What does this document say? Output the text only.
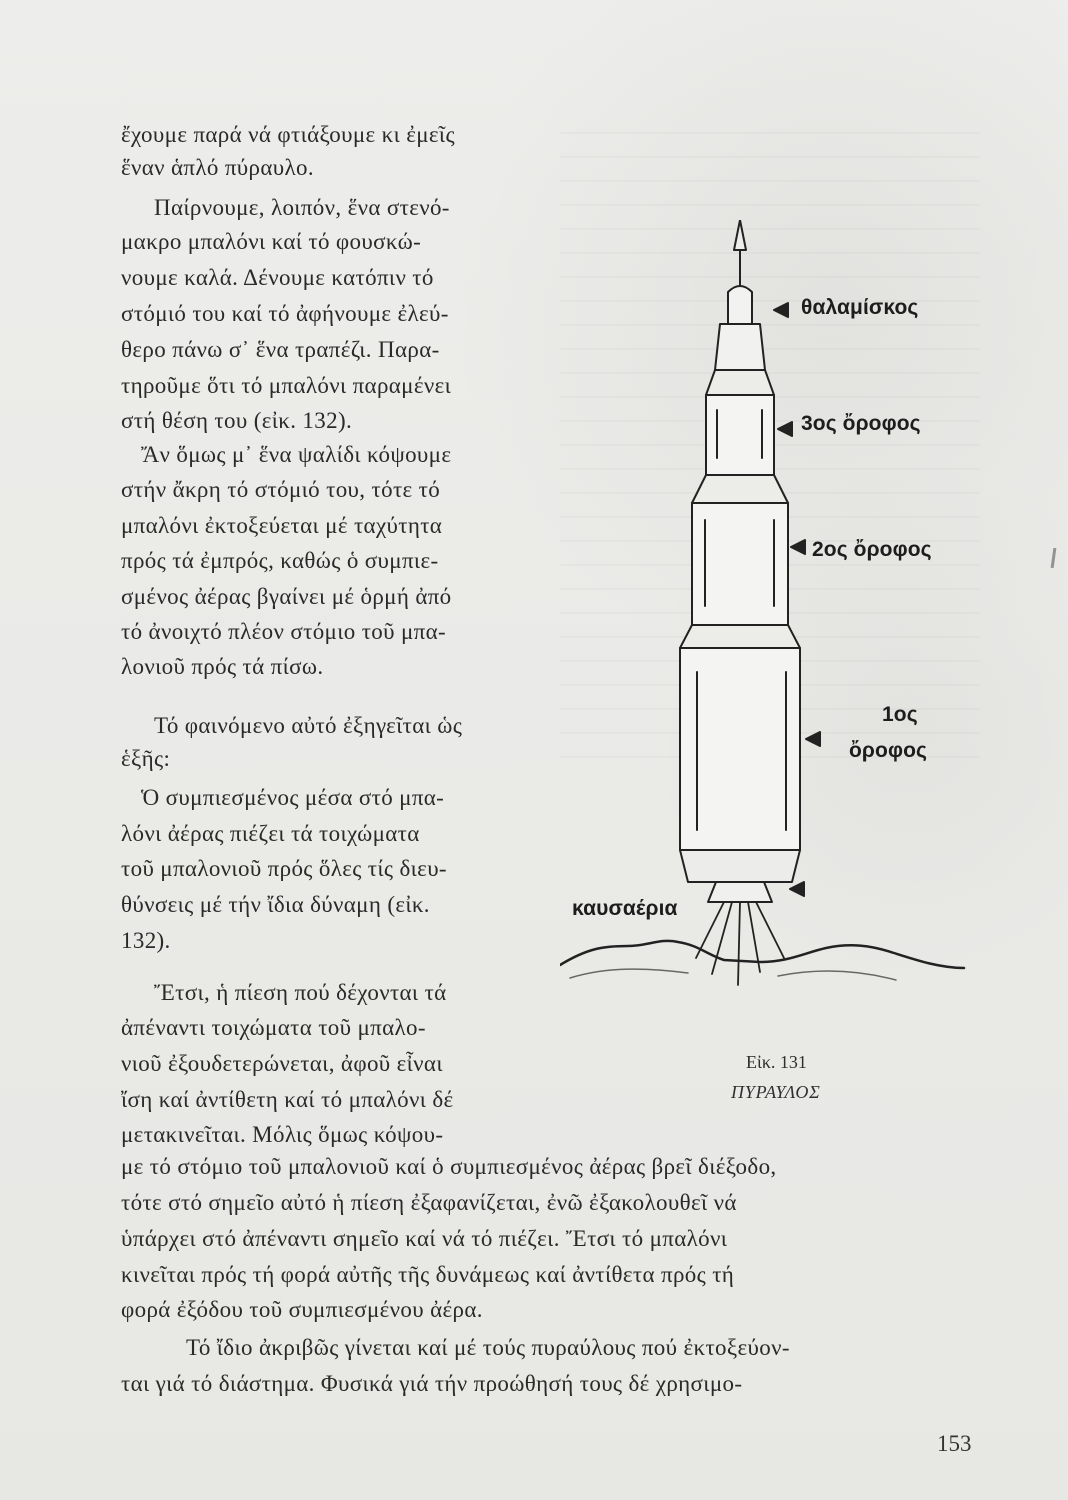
ἔχουμε παρά νά φτιάξουμε κι ἐμεῖς

ἕναν ἁπλό πύραυλο.

Παίρνουμε, λοιπόν, ἕνα στενό-

μακρο μπαλόνι καί τό φουσκώ-

νουμε καλά. Δένουμε κατόπιν τό

στόμιό του καί τό ἀφήνουμε ἐλεύ-

θερο πάνω σ᾽ ἕνα τραπέζι. Παρα-

τηροῦμε ὅτι τό μπαλόνι παραμένει

στή θέση του (εἰκ. 132).

Ἄν ὅμως μ᾽ ἕνα ψαλίδι κόψουμε

στήν ἄκρη τό στόμιό του, τότε τό

μπαλόνι ἐκτοξεύεται μέ ταχύτητα

πρός τά ἐμπρός, καθώς ὁ συμπιε-

σμένος ἀέρας βγαίνει μέ ὁρμή ἀπό

τό ἀνοιχτό πλέον στόμιο τοῦ μπα-

λονιοῦ πρός τά πίσω.

Τό φαινόμενο αὐτό ἐξηγεῖται ὡς

ἑξῆς:

Ὁ συμπιεσμένος μέσα στό μπα-

λόνι ἀέρας πιέζει τά τοιχώματα

τοῦ μπαλονιοῦ πρός ὅλες τίς διευ-

θύνσεις μέ τήν ἴδια δύναμη (εἰκ.

132).

Ἔτσι, ἡ πίεση πού δέχονται τά

ἀπέναντι τοιχώματα τοῦ μπαλο-

νιοῦ ἐξουδετερώνεται, ἀφοῦ εἶναι

ἴση καί ἀντίθετη καί τό μπαλόνι δέ

μετακινεῖται. Μόλις ὅμως κόψου-

με τό στόμιο τοῦ μπαλονιοῦ καί ὁ συμπιεσμένος ἀέρας βρεῖ διέξοδο,

τότε στό σημεῖο αὐτό ἡ πίεση ἐξαφανίζεται, ἐνῶ ἐξακολουθεῖ νά

ὑπάρχει στό ἀπέναντι σημεῖο καί νά τό πιέζει. Ἔτσι τό μπαλόνι

κινεῖται πρός τή φορά αὐτῆς τῆς δυνάμεως καί ἀντίθετα πρός τή

φορά ἐξόδου τοῦ συμπιεσμένου ἀέρα.

Τό ἴδιο ἀκριβῶς γίνεται καί μέ τούς πυραύλους πού ἐκτοξεύον-

ται γιά τό διάστημα. Φυσικά γιά τήν προώθησή τους δέ χρησιμο-

θαλαμίσκος
3ος ὄροφος
2ος ὄροφος
1ος
ὄροφος
καυσαέρια
Εἰκ. 131
ΠΥΡΑΥΛΟΣ
153
